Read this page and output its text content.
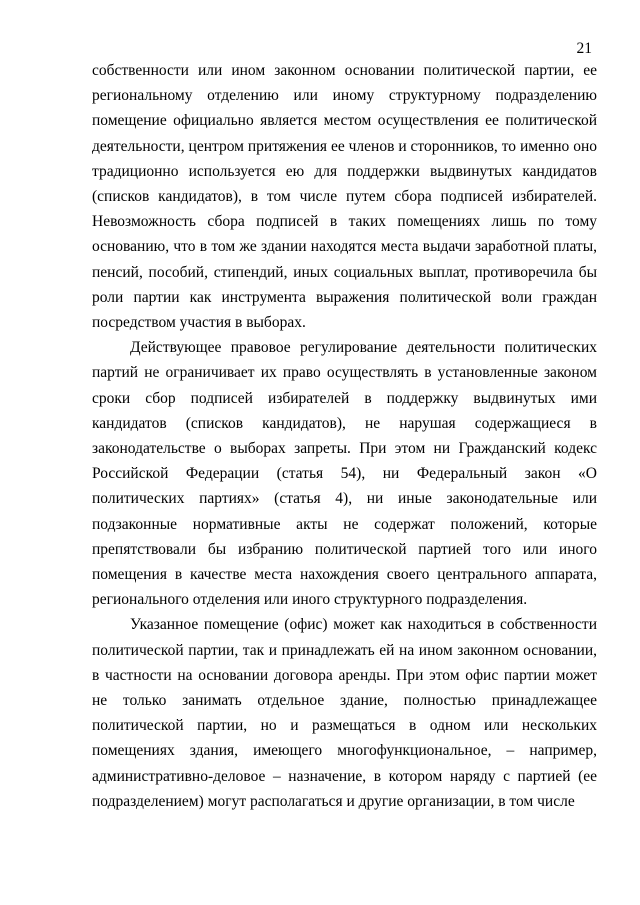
21

собственности или ином законном основании политической партии, ее региональному отделению или иному структурному подразделению помещение официально является местом осуществления ее политической деятельности, центром притяжения ее членов и сторонников, то именно оно традиционно используется ею для поддержки выдвинутых кандидатов (списков кандидатов), в том числе путем сбора подписей избирателей. Невозможность сбора подписей в таких помещениях лишь по тому основанию, что в том же здании находятся места выдачи заработной платы, пенсий, пособий, стипендий, иных социальных выплат, противоречила бы роли партии как инструмента выражения политической воли граждан посредством участия в выборах.

Действующее правовое регулирование деятельности политических партий не ограничивает их право осуществлять в установленные законом сроки сбор подписей избирателей в поддержку выдвинутых ими кандидатов (списков кандидатов), не нарушая содержащиеся в законодательстве о выборах запреты. При этом ни Гражданский кодекс Российской Федерации (статья 54), ни Федеральный закон «О политических партиях» (статья 4), ни иные законодательные или подзаконные нормативные акты не содержат положений, которые препятствовали бы избранию политической партией того или иного помещения в качестве места нахождения своего центрального аппарата, регионального отделения или иного структурного подразделения.

Указанное помещение (офис) может как находиться в собственности политической партии, так и принадлежать ей на ином законном основании, в частности на основании договора аренды. При этом офис партии может не только занимать отдельное здание, полностью принадлежащее политической партии, но и размещаться в одном или нескольких помещениях здания, имеющего многофункциональное, – например, административно-деловое – назначение, в котором наряду с партией (ее подразделением) могут располагаться и другие организации, в том числе
